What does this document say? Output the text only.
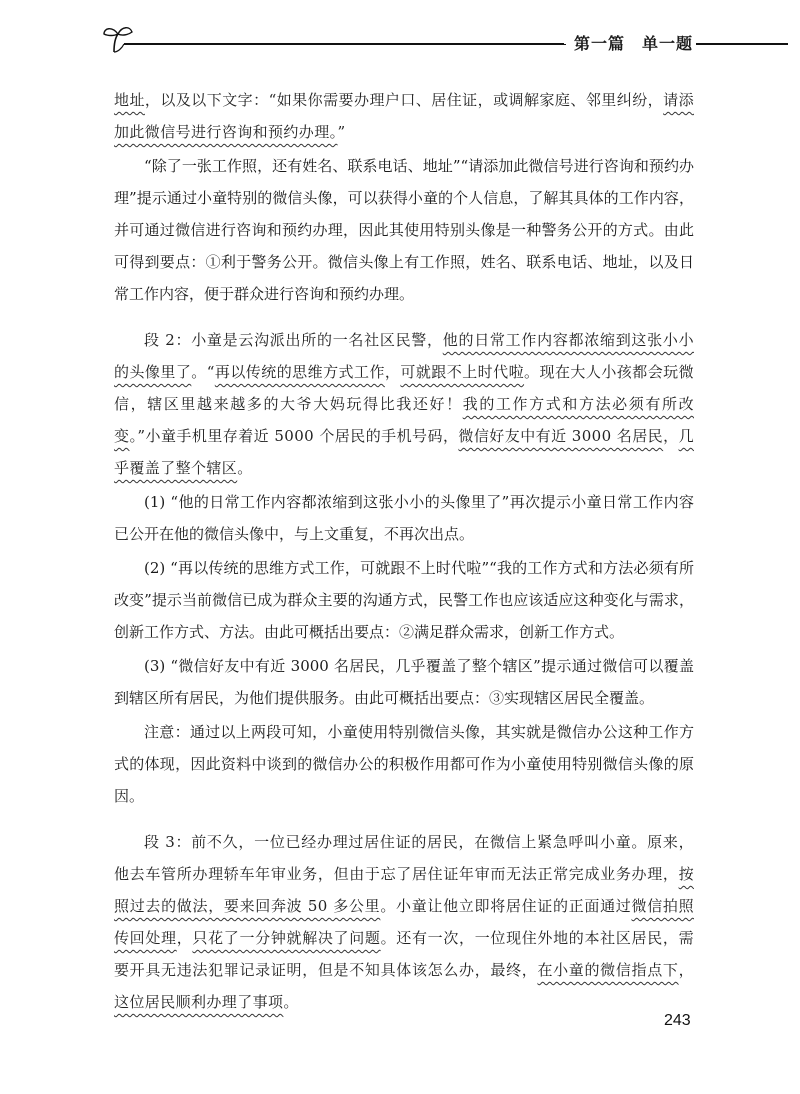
第一篇　单一题

地址，以及以下文字：“如果你需要办理户口、居住证，或调解家庭、邻里纠纷，请添加此微信号进行咨询和预约办理。”

“除了一张工作照，还有姓名、联系电话、地址”“请添加此微信号进行咨询和预约办理”提示通过小童特别的微信头像，可以获得小童的个人信息，了解其具体的工作内容，并可通过微信进行咨询和预约办理，因此其使用特别头像是一种警务公开的方式。由此可得到要点：①利于警务公开。微信头像上有工作照，姓名、联系电话、地址，以及日常工作内容，便于群众进行咨询和预约办理。

段 2：小童是云沟派出所的一名社区民警，他的日常工作内容都浓缩到这张小小的头像里了。“再以传统的思维方式工作，可就跟不上时代啦。现在大人小孩都会玩微信，辖区里越来越多的大爷大妈玩得比我还好！我的工作方式和方法必须有所改变。”小童手机里存着近 5000 个居民的手机号码，微信好友中有近 3000 名居民，几乎覆盖了整个辖区。

(1) “他的日常工作内容都浓缩到这张小小的头像里了”再次提示小童日常工作内容已公开在他的微信头像中，与上文重复，不再次出点。

(2) “再以传统的思维方式工作，可就跟不上时代啦”“我的工作方式和方法必须有所改变”提示当前微信已成为群众主要的沟通方式，民警工作也应该适应这种变化与需求，创新工作方式、方法。由此可概括出要点：②满足群众需求，创新工作方式。

(3) “微信好友中有近 3000 名居民，几乎覆盖了整个辖区”提示通过微信可以覆盖到辖区所有居民，为他们提供服务。由此可概括出要点：③实现辖区居民全覆盖。

注意：通过以上两段可知，小童使用特别微信头像，其实就是微信办公这种工作方式的体现，因此资料中谈到的微信办公的积极作用都可作为小童使用特别微信头像的原因。

段 3：前不久，一位已经办理过居住证的居民，在微信上紧急呼叫小童。原来，他去车管所办理轿车年审业务，但由于忘了居住证年审而无法正常完成业务办理，按照过去的做法，要来回奔波 50 多公里。小童让他立即将居住证的正面通过微信拍照传回处理，只花了一分钟就解决了问题。还有一次，一位现住外地的本社区居民，需要开具无违法犯罪记录证明，但是不知具体该怎么办，最终，在小童的微信指点下，这位居民顺利办理了事项。

243
